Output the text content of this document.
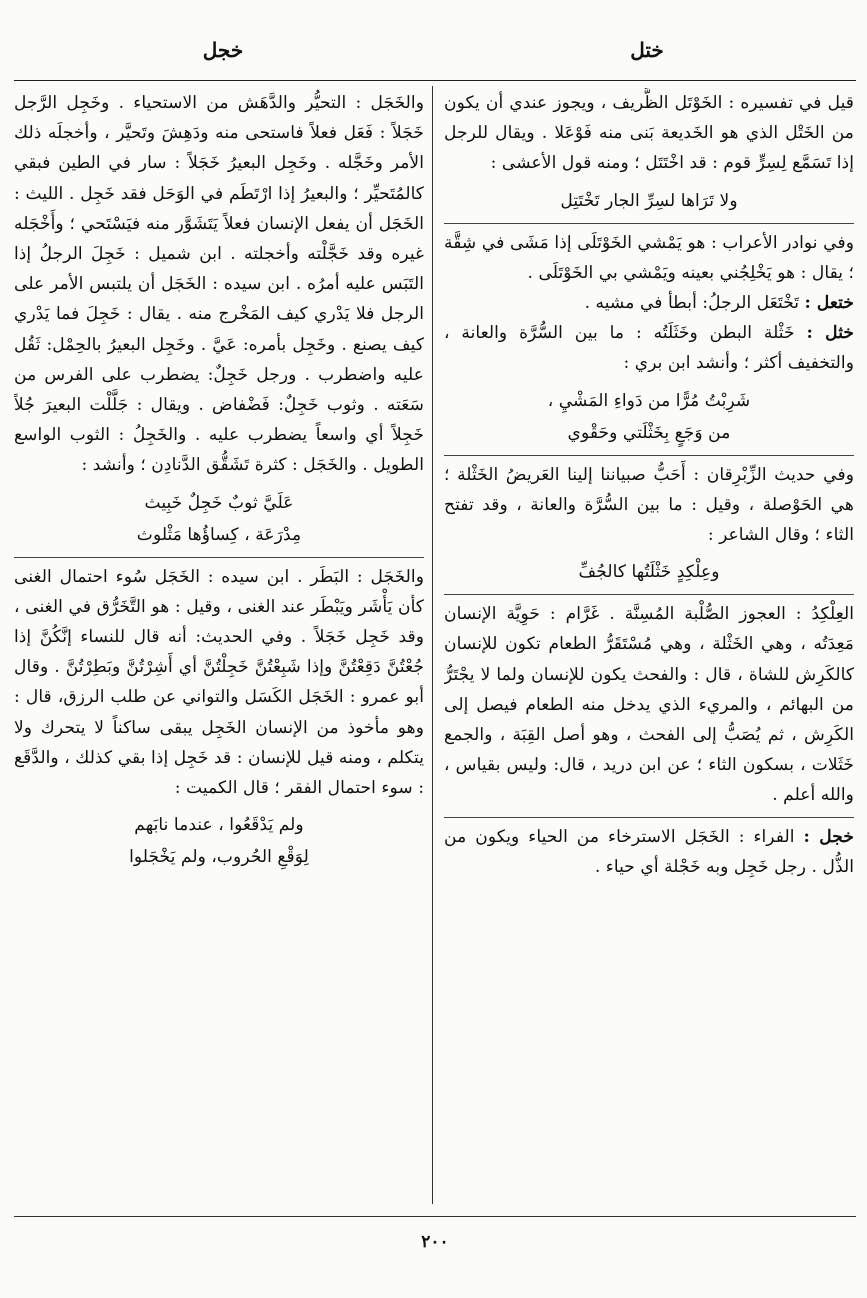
خجل	ختل

قيل في تفسيره : الخَوْتَل الظَّريف ، ويجوز عندي أن يكون من الخَتْل الذي هو الخَديعة بَنى منه فَوْعَلا . ويقال للرجل إذا تَسَمَّع لِسِرٍّ قوم : قد اخْتَتَل ؛ ومنه قول الأعشى :

ولا تَرَاها لسِرِّ الجار تَخْتَتِل

وفي نوادر الأعراب : هو يَمْشي الخَوْتَلَى إذا مَشَى في شِقَّة ؛ يقال : هو يَخْلِجُني بعينه ويَمْشي بي الخَوْتَلَى .

ختعل : تَخْتَعَل الرجلُ: أبطأ في مشيه .

خثل : خَثْلة البطن وخَثَلَتُه : ما بين السُّرَّة والعانة ، والتخفيف أكثر ؛ وأنشد ابن بري :

شَرِبْتُ مُرًّا من دَواءِ المَشْيِ ،

من وَجَعٍ بِخَثْلَتي وحَقْوي

وفي حديث الزِّبْرِقان : أَحَبُّ صبياننا إلينا العَريضُ الخَثْلة ؛ هي الحَوْصلة ، وقيل : ما بين السُّرَّة والعانة ، وقد تفتح الثاء ؛ وقال الشاعر :

وعِلْكِدٍ خَثْلَتُها كالجُفِّ

العِلْكِدُ : العجوز الصُّلْبة المُسِنَّة . غَرَّام : حَوِيَّة الإنسان مَعِدَتُه ، وهي الخَثْلة ، وهي مُسْتَقَرُّ الطعام تكون للإنسان كالكَرِش للشاة ، قال : والفحث يكون للإنسان ولما لا يجْتَرُّ من البهائم ، والمريء الذي يدخل منه الطعام فيصل إلى الكَرِش ، ثم يُصَبُّ إلى الفحث ، وهو أصل القِبَة ، والجمع خَثَلات ، بسكون الثاء ؛ عن ابن دريد ، قال: وليس بقياس ، والله أعلم .

خجل : الفراء : الخَجَل الاسترخاء من الحياء ويكون من الذُّل . رجل خَجِل وبه خَجْلة أي حياء .

والخَجَل : التحيُّر والدَّهَش من الاستحياء . وخَجِل الرَّجل خَجَلاً : فَعَل فعلاً فاستحى منه ودَهِشَ وتَحيَّر ، وأخجلَه ذلك الأمر وخَجَّله . وخَجِل البعيرُ خَجَلاً : سار في الطين فبقي كالمُتَحيِّر ؛ والبعيرُ إذا ارْتَطَم في الوَحَل فقد خَجِل . الليث : الخَجَل أن يفعل الإنسان فعلاً يَتَشَوَّر منه فيَسْتَحي ؛ وأَخْجَله غيره وقد خَجَّلْته وأخجلته . ابن شميل : خَجِلَ الرجلُ إذا التَبَس عليه أمرُه . ابن سيده : الخَجَل أن يلتبس الأمر على الرجل فلا يَدْري كيف المَخْرج منه . يقال : خَجِلَ فما يَدْري كيف يصنع . وخَجِل بأمره: عَيَّ . وخَجِل البعيرُ بالحِمْل: ثَقُل عليه واضطرب . ورجل خَجِلٌ: يضطرب على الفرس من سَعَته . وثوب خَجِلٌ: فَضْفاض . ويقال : جَلَّلْت البعيرَ جُلاً خَجِلاً أي واسعاً يضطرب عليه . والخَجِلُ : الثوب الواسع الطويل . والخَجَل : كثرة تَشَقُّق الدَّنادِن ؛ وأنشد :

عَلَيَّ ثوبٌ خَجِلٌ خَبِيث

مِدْرَعَة ، كِساؤُها مَثْلوث

والخَجَل : البَطَر . ابن سيده : الخَجَل سُوء احتمال الغنى كأن يَأْشَر ويَبْطَر عند الغنى ، وقيل : هو التَّخَرُّق في الغنى ، وقد خَجِل خَجَلاً . وفي الحديث: أنه قال للنساء إنَّكُنَّ إذا جُعْتُنَّ دَقِعْتُنَّ وإذا شَبِعْتُنَّ خَجِلْتُنَّ أي أَشِرْتُنَّ وبَطِرْتُنَّ . وقال أبو عمرو : الخَجَل الكَسَل والتواني عن طلب الرزق، قال : وهو مأخوذ من الإنسان الخَجِل يبقى ساكناً لا يتحرك ولا يتكلم ، ومنه قيل للإنسان : قد خَجِل إذا بقي كذلك ، والدَّقَع : سوء احتمال الفقر ؛ قال الكميت :

ولم يَدْقَعُوا ، عندما نابَهم

لِوَقْعِ الحُروب، ولم يَخْجَلوا

٢٠٠
